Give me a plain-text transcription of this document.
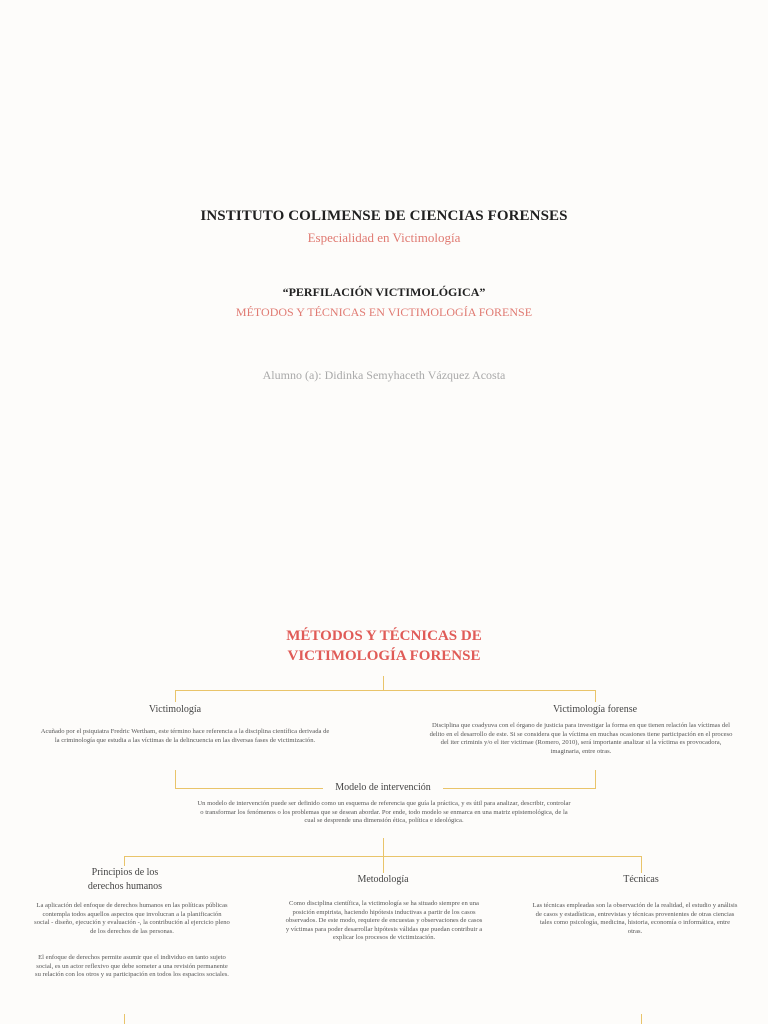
INSTITUTO COLIMENSE DE CIENCIAS FORENSES
Especialidad en Victimología
“PERFILACIÓN VICTIMOLÓGICA”
MÉTODOS Y TÉCNICAS EN VICTIMOLOGÍA FORENSE
Alumno (a): Didinka Semyhaceth Vázquez Acosta
MÉTODOS Y TÉCNICAS DE
VICTIMOLOGÍA FORENSE
Victimología
Acuñado por el psiquiatra Fredric Wertham, este término hace referencia a la disciplina científica derivada de la criminología que estudia a las víctimas de la delincuencia en las diversas fases de victimización.
Victimología forense
Disciplina que coadyuva con el órgano de justicia para investigar la forma en que tienen relación las víctimas del delito en el desarrollo de este. Si se considera que la víctima en muchas ocasiones tiene participación en el proceso del iter criminis y/o el iter victimae (Romero, 2010), será importante analizar si la víctima es provocadora, imaginaria, entre otras.
Modelo de intervención
Un modelo de intervención puede ser definido como un esquema de referencia que guía la práctica, y es útil para analizar, describir, controlar o transformar los fenómenos o los problemas que se desean abordar. Por ende, todo modelo se enmarca en una matriz epistemológica, de la cual se desprende una dimensión ética, política e ideológica.
Principios de los
derechos humanos
La aplicación del enfoque de derechos humanos en las políticas públicas contempla todos aquellos aspectos que involucran a la planificación social - diseño, ejecución y evaluación -, la contribución al ejercicio pleno de los derechos de las personas.
El enfoque de derechos permite asumir que el individuo en tanto sujeto social, es un actor reflexivo que debe someter a una revisión permanente su relación con los otros y su participación en todos los espacios sociales.
Metodología
Como disciplina científica, la victimología se ha situado siempre en una posición empirista, haciendo hipótesis inductivas a partir de los casos observados. De este modo, requiere de encuestas y observaciones de casos y víctimas para poder desarrollar hipótesis válidas que puedan contribuir a explicar los procesos de victimización.
Técnicas
Las técnicas empleadas son la observación de la realidad, el estudio y análisis de casos y estadísticas, entrevistas y técnicas provenientes de otras ciencias tales como psicología, medicina, historia, economía o informática, entre otras.
